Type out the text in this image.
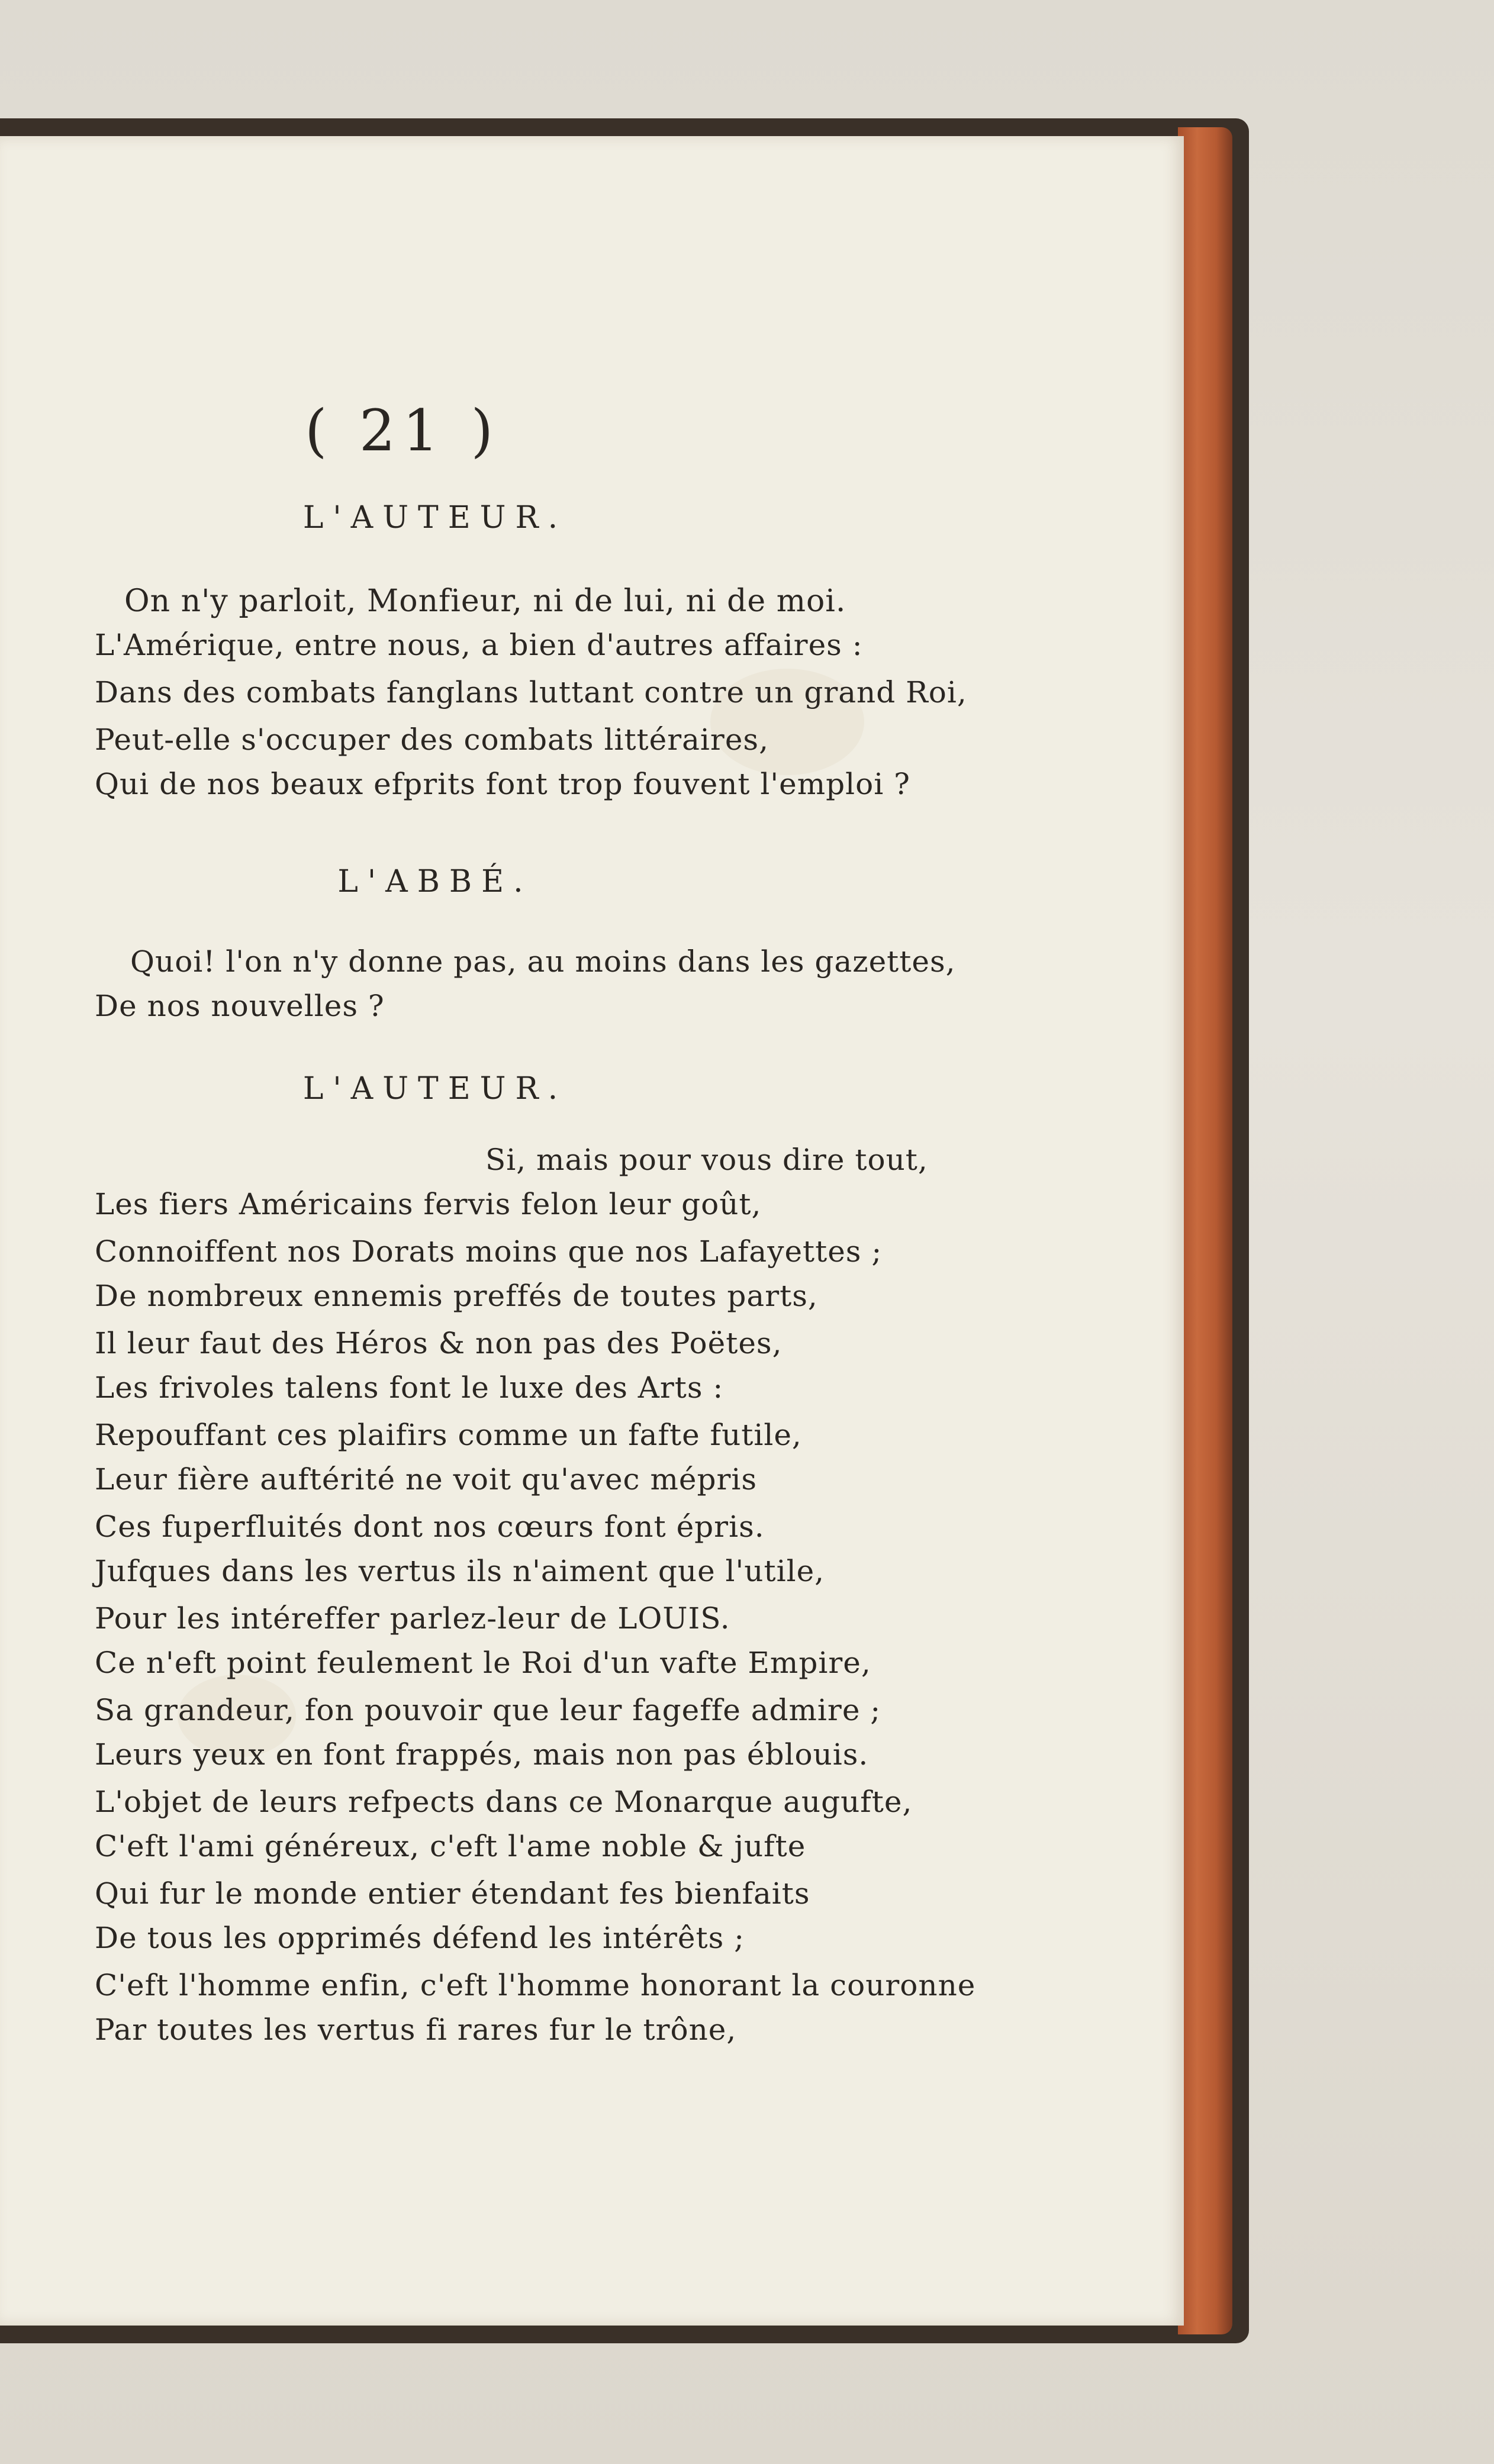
( 21 )
L'AUTEUR.
On n'y parloit, Monfieur, ni de lui, ni de moi.
L'Amérique, entre nous, a bien d'autres affaires :
Dans des combats fanglans luttant contre un grand Roi,
Peut-elle s'occuper des combats littéraires,
Qui de nos beaux efprits font trop fouvent l'emploi ?
L'ABBÉ.
Quoi! l'on n'y donne pas, au moins dans les gazettes,
De nos nouvelles ?
L'AUTEUR.
Si, mais pour vous dire tout,
Les fiers Américains fervis felon leur goût,
Connoiffent nos Dorats moins que nos Lafayettes ;
De nombreux ennemis preffés de toutes parts,
Il leur faut des Héros & non pas des Poëtes,
Les frivoles talens font le luxe des Arts :
Repouffant ces plaifirs comme un fafte futile,
Leur fière auftérité ne voit qu'avec mépris
Ces fuperfluités dont nos cœurs font épris.
Jufques dans les vertus ils n'aiment que l'utile,
Pour les intéreffer parlez-leur de LOUIS.
Ce n'eft point feulement le Roi d'un vafte Empire,
Sa grandeur, fon pouvoir que leur fageffe admire ;
Leurs yeux en font frappés, mais non pas éblouis.
L'objet de leurs refpects dans ce Monarque augufte,
C'eft l'ami généreux, c'eft l'ame noble & jufte
Qui fur le monde entier étendant fes bienfaits
De tous les opprimés défend les intérêts ;
C'eft l'homme enfin, c'eft l'homme honorant la couronne
Par toutes les vertus fi rares fur le trône,
